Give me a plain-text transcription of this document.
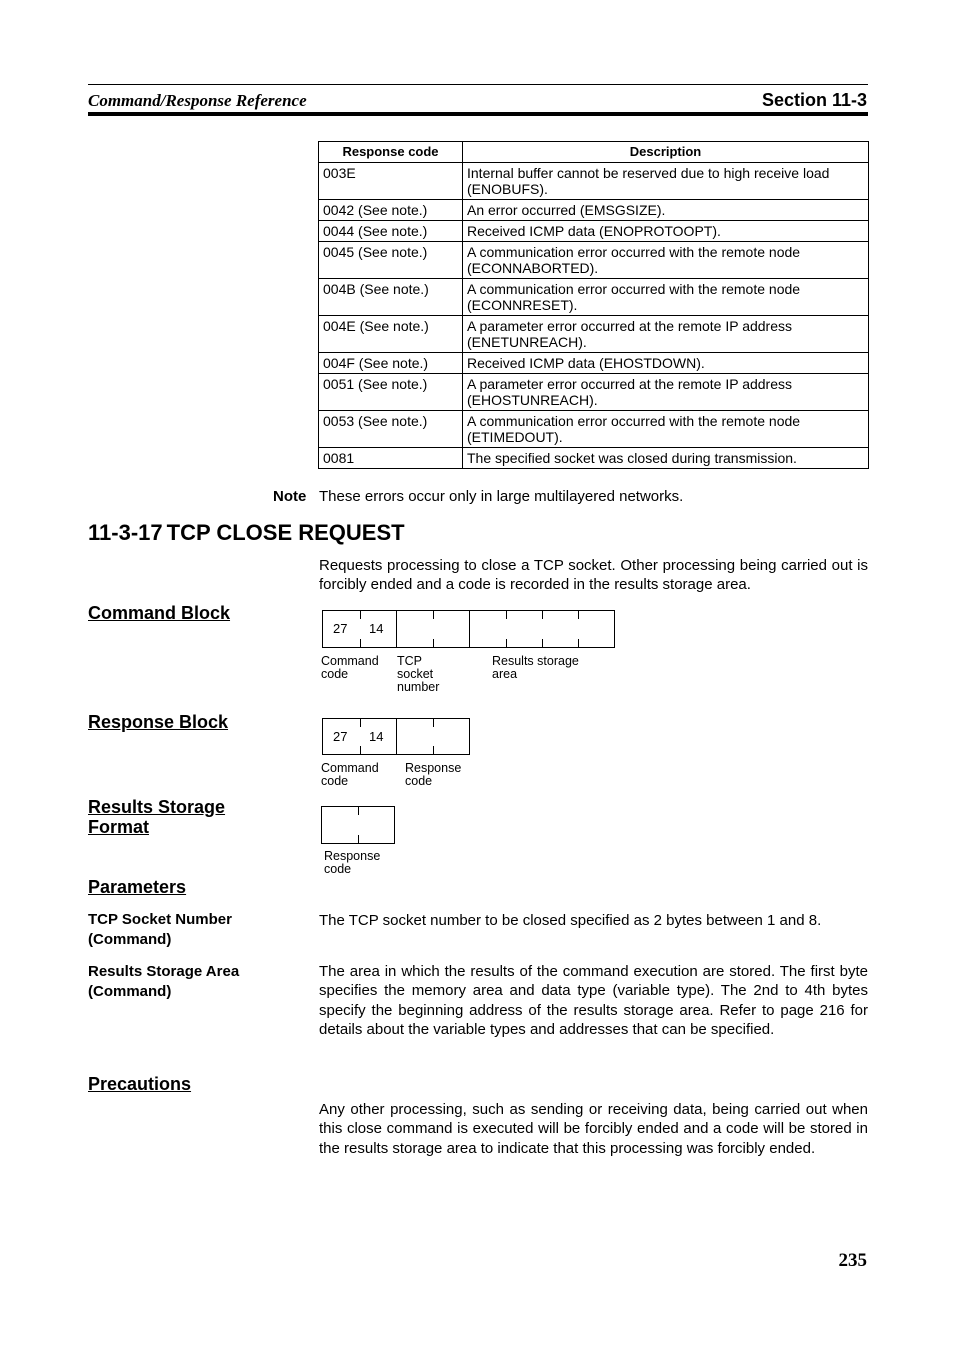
Command/Response Reference	Section 11-3
Response code	Description
003E	Internal buffer cannot be reserved due to high receive load (ENOBUFS).
0042 (See note.)	An error occurred (EMSGSIZE).
0044 (See note.)	Received ICMP data (ENOPROTOOPT).
0045 (See note.)	A communication error occurred with the remote node (ECONNABORTED).
004B (See note.)	A communication error occurred with the remote node (ECONNRESET).
004E (See note.)	A parameter error occurred at the remote IP address (ENETUNREACH).
004F (See note.)	Received ICMP data (EHOSTDOWN).
0051 (See note.)	A parameter error occurred at the remote IP address (EHOSTUNREACH).
0053 (See note.)	A communication error occurred with the remote node (ETIMEDOUT).
0081	The specified socket was closed during transmission.
Note These errors occur only in large multilayered networks.
11-3-17 TCP CLOSE REQUEST
Requests processing to close a TCP socket. Other processing being carried out is forcibly ended and a code is recorded in the results storage area.
Command Block
27 14
Command
code
TCP
socket
number
Results storage
area
Response Block
27 14
Command
code
Response
code
Results Storage Format
Response
code
Parameters
TCP Socket Number (Command)
The TCP socket number to be closed specified as 2 bytes between 1 and 8.
Results Storage Area (Command)
The area in which the results of the command execution are stored. The first byte specifies the memory area and data type (variable type). The 2nd to 4th bytes specify the beginning address of the results storage area. Refer to page 216 for details about the variable types and addresses that can be specified.
Precautions
Any other processing, such as sending or receiving data, being carried out when this close command is executed will be forcibly ended and a code will be stored in the results storage area to indicate that this processing was forcibly ended.
235
